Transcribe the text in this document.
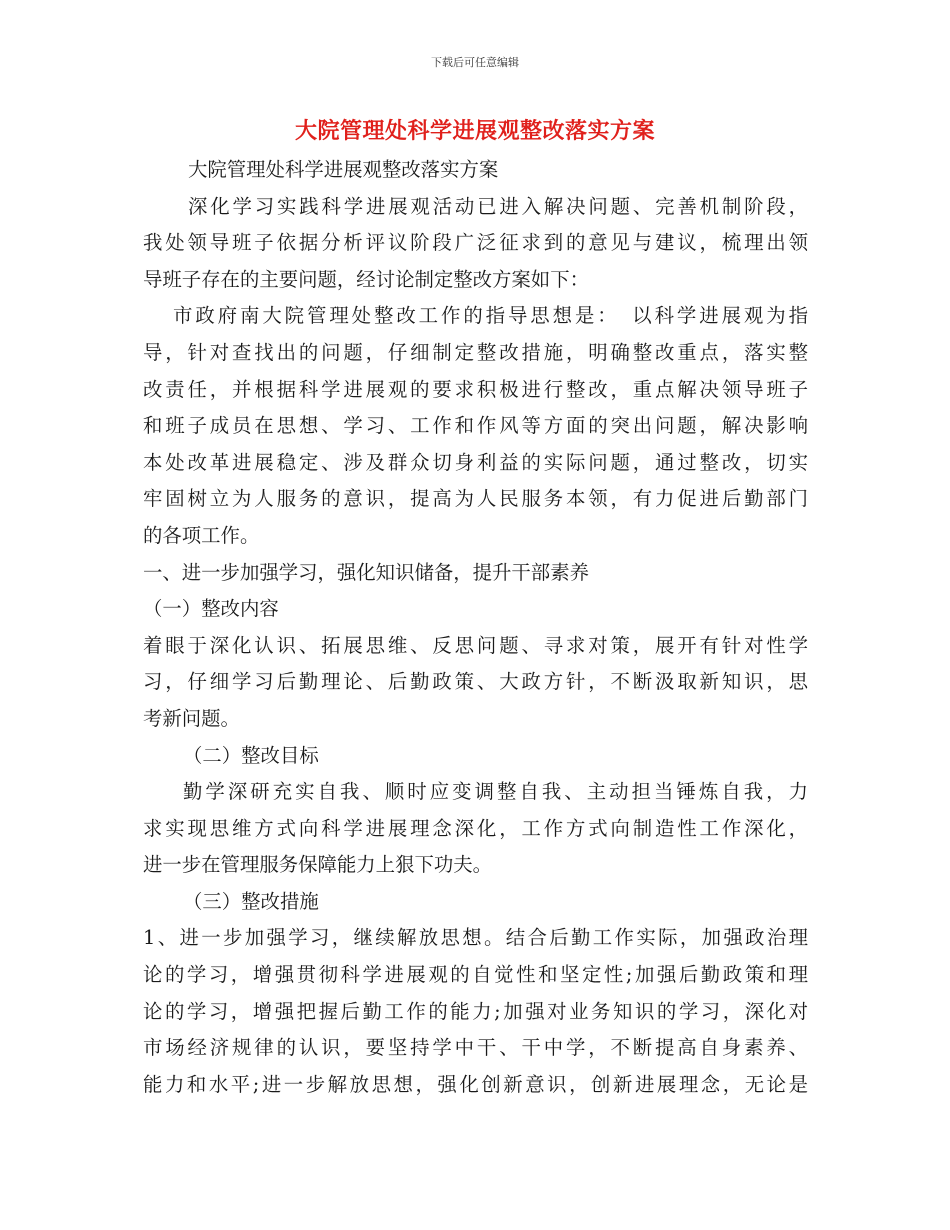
下载后可任意编辑
大院管理处科学进展观整改落实方案
大院管理处科学进展观整改落实方案
深化学习实践科学进展观活动已进入解决问题、完善机制阶段，
我处领导班子依据分析评议阶段广泛征求到的意见与建议，梳理出领
导班子存在的主要问题，经讨论制定整改方案如下：
市政府南大院管理处整改工作的指导思想是：　以科学进展观为指
导，针对查找出的问题，仔细制定整改措施，明确整改重点，落实整
改责任，并根据科学进展观的要求积极进行整改，重点解决领导班子
和班子成员在思想、学习、工作和作风等方面的突出问题，解决影响
本处改革进展稳定、涉及群众切身利益的实际问题，通过整改，切实
牢固树立为人服务的意识，提高为人民服务本领，有力促进后勤部门
的各项工作。
一、进一步加强学习，强化知识储备，提升干部素养
（一）整改内容
着眼于深化认识、拓展思维、反思问题、寻求对策，展开有针对性学
习，仔细学习后勤理论、后勤政策、大政方针，不断汲取新知识，思
考新问题。
（二）整改目标
勤学深研充实自我、顺时应变调整自我、主动担当锤炼自我，力
求实现思维方式向科学进展理念深化，工作方式向制造性工作深化，
进一步在管理服务保障能力上狠下功夫。
（三）整改措施
1、进一步加强学习，继续解放思想。结合后勤工作实际，加强政治理
论的学习，增强贯彻科学进展观的自觉性和坚定性;加强后勤政策和理
论的学习，增强把握后勤工作的能力;加强对业务知识的学习，深化对
市场经济规律的认识，要坚持学中干、干中学，不断提高自身素养、
能力和水平;进一步解放思想，强化创新意识，创新进展理念，无论是
